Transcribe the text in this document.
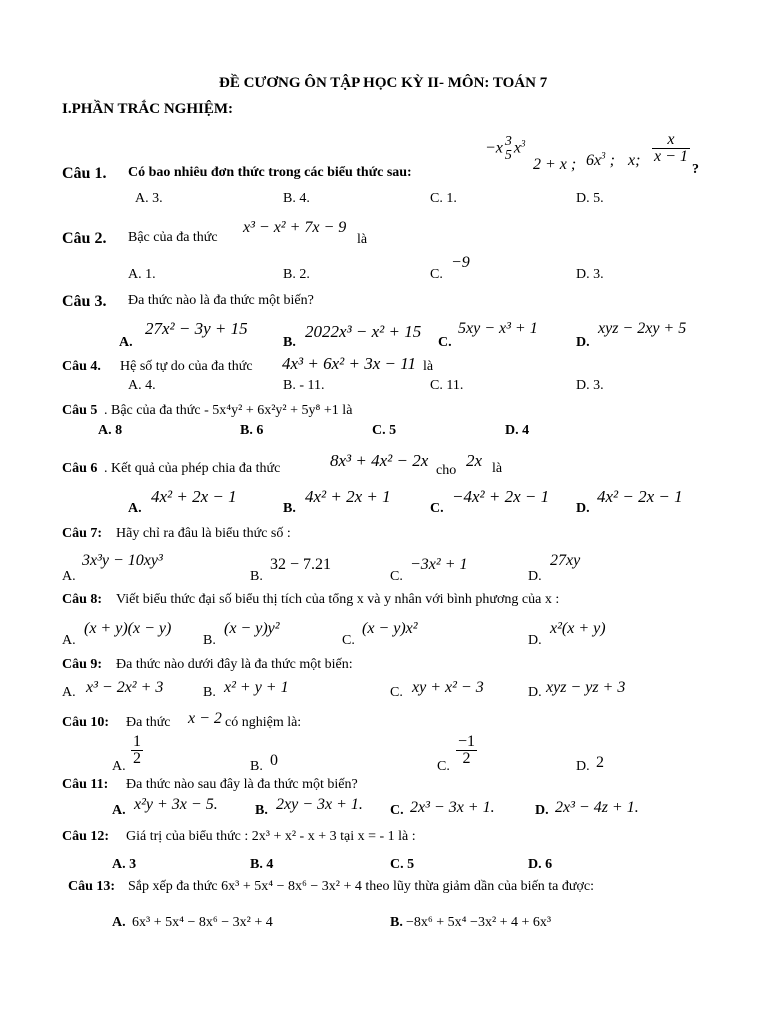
ĐỀ CƯƠNG ÔN TẬP HỌC KỲ II- MÔN: TOÁN 7
I.PHẦN TRẮC NGHIỆM:
Câu 1. Có bao nhiêu đơn thức trong các biểu thức sau:
−x 3
5 $x^3$
2 + x ; $6x^3$ ; x; $\frac{x}{x - 1}$
?
A. 3.	B. 4.	C. 1.	D. 5.
Câu 2. Bậc của đa thức
x³ − x² + 7x − 9
là
A. 1.	B. 2.	C.
−9
D. 3.
Câu 3. Đa thức nào là đa thức một biến?
A.
27x² − 3y + 15
B.
2022x³ − x² + 15
C.
5xy − x³ + 1
D.
xyz − 2xy + 5
Câu 4. Hệ số tự do của đa thức 4x³ + 6x² + 3x − 11 là
A. 4.	B. - 11.	C. 11.	D. 3.
Câu 5 . Bậc của đa thức - 5x⁴y² + 6x²y² + 5y⁸ +1 là
A. 8	B. 6	C. 5	D. 4
Câu 6 . Kết quả của phép chia đa thức	8x³ + 4x² − 2x
cho
2x là
A.
4x² + 2x − 1
B.
4x² + 2x + 1
C.
−4x² + 2x − 1
D.
4x² − 2x − 1
Câu 7: Hãy chỉ ra đâu là biểu thức số :
A.
3x³y − 10xy³
B.
32 − 7.21
C.
−3x² + 1
D.
27xy
Câu 8: Viết biểu thức đại số biểu thị tích của tổng x và y nhân với bình phương của x :
A.
(x + y)(x − y)
B.
(x − y)y²
C.
(x − y)x²
D.
x²(x + y)
Câu 9: Đa thức nào dưới đây là đa thức một biến:
A. x³ − 2x² + 3	B. x² + y + 1	C. xy + x² − 3	D. xyz − yz + 3
Câu 10: Đa thức x − 2 có nghiệm là:
A. $\frac{1}{2}$	B. 0	C. $\frac{-1}{2}$	D. 2
Câu 11: Đa thức nào sau đây là đa thức một biến?
A. x²y + 3x − 5.	B. 2xy − 3x + 1. C. 2x³ − 3x + 1.	D. 2x³ − 4z + 1.
Câu 12: Giá trị của biểu thức : 2x³ + x² - x + 3 tại x = - 1 là :
A. 3	B. 4	C. 5	D. 6
Câu 13: Sắp xếp đa thức 6x³ + 5x⁴ − 8x⁶ − 3x² + 4 theo lũy thừa giảm dần của biến ta được:
A. 6x³ + 5x⁴ − 8x⁶ − 3x² + 4	B. −8x⁶ + 5x⁴ −3x² + 4 + 6x³
